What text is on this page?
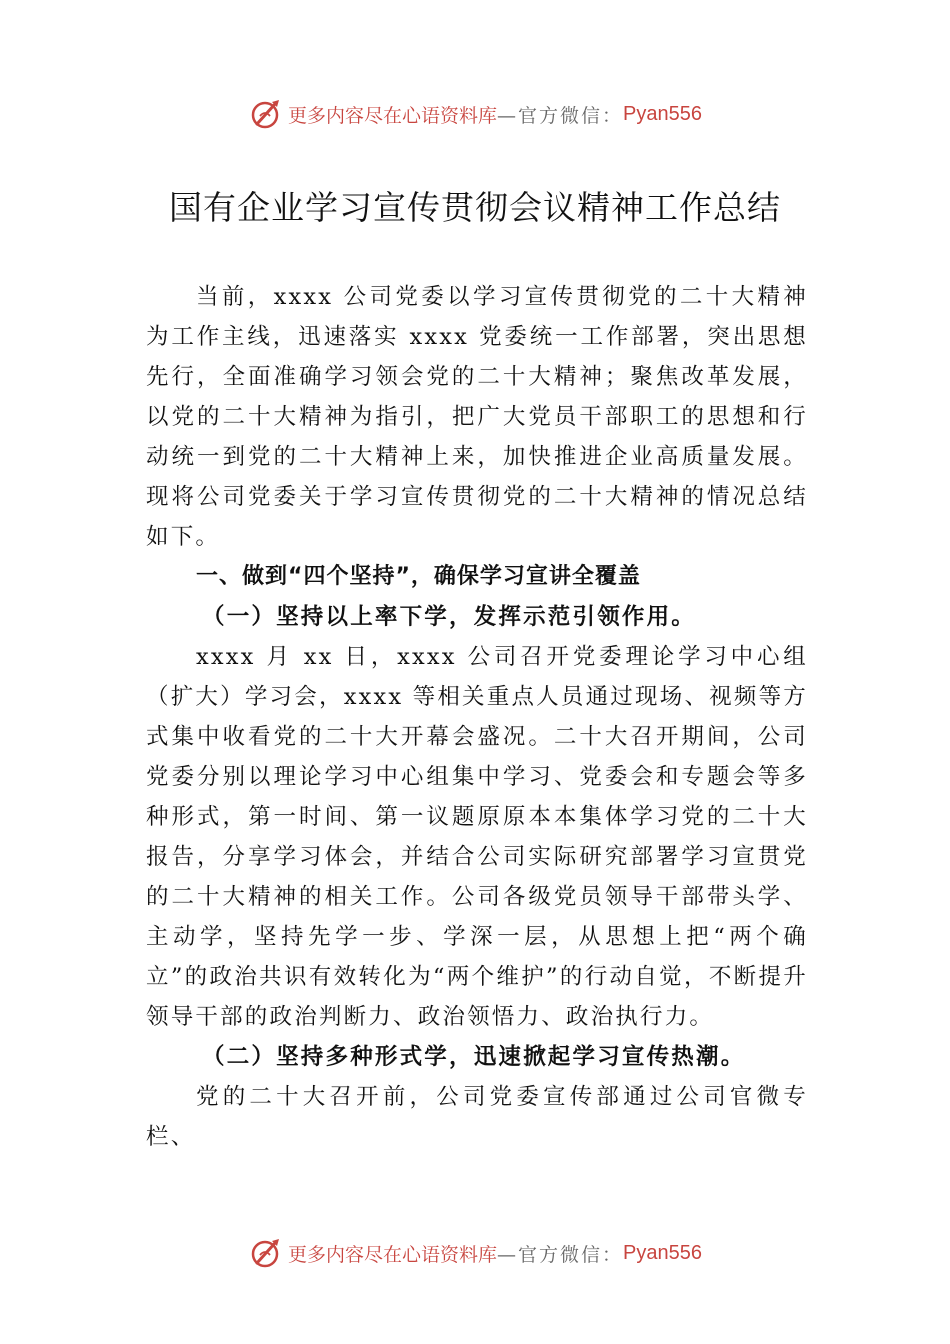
更多内容尽在心语资料库 —官方微信： Pyan556
国有企业学习宣传贯彻会议精神工作总结

当前，xxxx 公司党委以学习宣传贯彻党的二十大精神为工作主线，迅速落实 xxxx 党委统一工作部署，突出思想先行，全面准确学习领会党的二十大精神；聚焦改革发展，以党的二十大精神为指引，把广大党员干部职工的思想和行动统一到党的二十大精神上来，加快推进企业高质量发展。现将公司党委关于学习宣传贯彻党的二十大精神的情况总结如下。

一、做到“四个坚持”，确保学习宣讲全覆盖

（一）坚持以上率下学，发挥示范引领作用。

xxxx 月 xx 日，xxxx 公司召开党委理论学习中心组（扩大）学习会，xxxx 等相关重点人员通过现场、视频等方式集中收看党的二十大开幕会盛况。二十大召开期间，公司党委分别以理论学习中心组集中学习、党委会和专题会等多种形式，第一时间、第一议题原原本本集体学习党的二十大报告，分享学习体会，并结合公司实际研究部署学习宣贯党的二十大精神的相关工作。公司各级党员领导干部带头学、主动学，坚持先学一步、学深一层，从思想上把“两个确立”的政治共识有效转化为“两个维护”的行动自觉，不断提升领导干部的政治判断力、政治领悟力、政治执行力。

（二）坚持多种形式学，迅速掀起学习宣传热潮。

党的二十大召开前，公司党委宣传部通过公司官微专栏、

更多内容尽在心语资料库 —官方微信： Pyan556
